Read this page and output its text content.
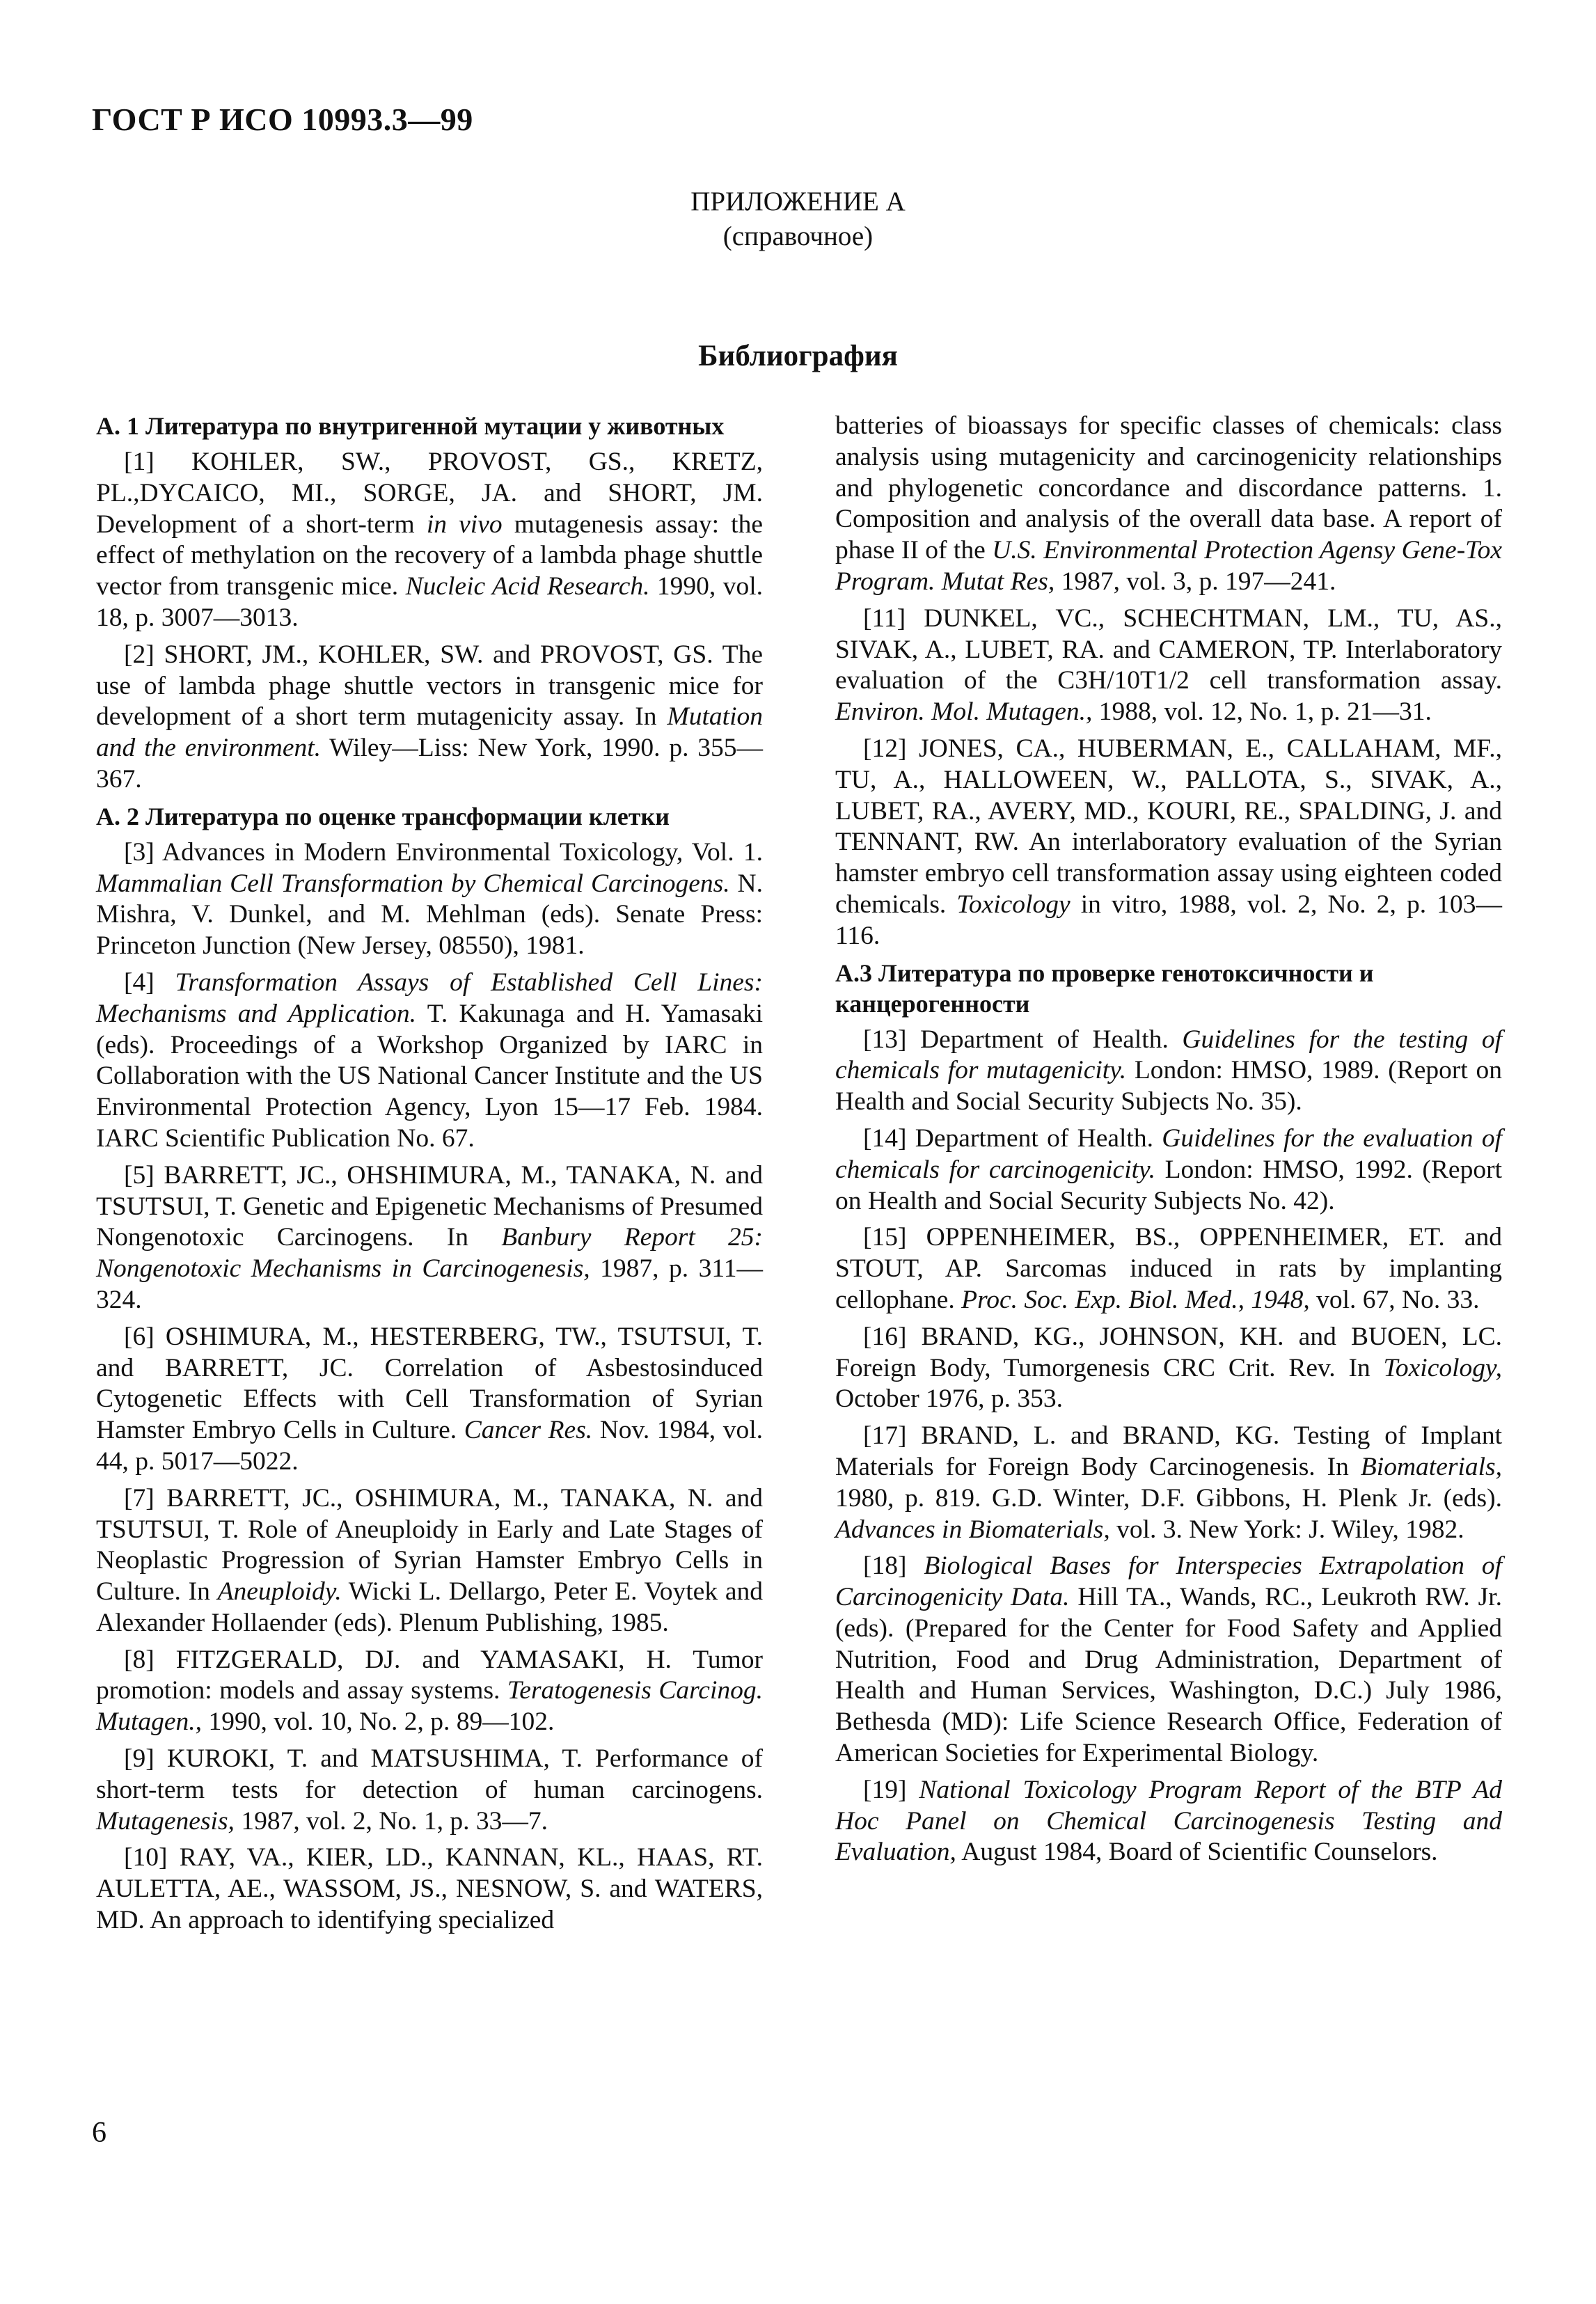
ГОСТ Р ИСО 10993.3—99
ПРИЛОЖЕНИЕ А
(справочное)
Библиография

А. 1 Литература по внутригенной мутации у животных

[1] KOHLER, SW., PROVOST, GS., KRETZ, PL.,DYCAICO, MI., SORGE, JA. and SHORT, JM. Development of a short-term in vivo mutagenesis assay: the effect of methylation on the recovery of a lambda phage shuttle vector from transgenic mice. Nucleic Acid Research. 1990, vol. 18, p. 3007—3013.

[2] SHORT, JM., KOHLER, SW. and PROVOST, GS. The use of lambda phage shuttle vectors in transgenic mice for development of a short term mutagenicity assay. In Mutation and the environment. Wiley—Liss: New York, 1990. p. 355—367.

А. 2 Литература по оценке трансформации клетки

[3] Advances in Modern Environmental Toxicology, Vol. 1. Mammalian Cell Transformation by Chemical Carcinogens. N. Mishra, V. Dunkel, and M. Mehlman (eds). Senate Press: Princeton Junction (New Jersey, 08550), 1981.

[4] Transformation Assays of Established Cell Lines: Mechanisms and Application. T. Kakunaga and H. Yamasaki (eds). Proceedings of a Workshop Organized by IARC in Collaboration with the US National Cancer Institute and the US Environmental Protection Agency, Lyon 15—17 Feb. 1984. IARC Scientific Publication No. 67.

[5] BARRETT, JC., OHSHIMURA, M., TANAKA, N. and TSUTSUI, T. Genetic and Epigenetic Mechanisms of Presumed Nongenotoxic Carcinogens. In Banbury Report 25: Nongenotoxic Mechanisms in Carcinogenesis, 1987, p. 311—324.

[6] OSHIMURA, M., HESTERBERG, TW., TSUTSUI, T. and BARRETT, JC. Correlation of Asbestosinduced Cytogenetic Effects with Cell Transformation of Syrian Hamster Embryo Cells in Culture. Cancer Res. Nov. 1984, vol. 44, p. 5017—5022.

[7] BARRETT, JC., OSHIMURA, M., TANAKA, N. and TSUTSUI, T. Role of Aneuploidy in Early and Late Stages of Neoplastic Progression of Syrian Hamster Embryo Cells in Culture. In Aneuploidy. Wicki L. Dellargo, Peter E. Voytek and Alexander Hollaender (eds). Plenum Publishing, 1985.

[8] FITZGERALD, DJ. and YAMASAKI, H. Tumor promotion: models and assay systems. Teratogenesis Carcinog. Mutagen., 1990, vol. 10, No. 2, p. 89—102.

[9] KUROKI, T. and MATSUSHIMA, T. Performance of short-term tests for detection of human carcinogens. Mutagenesis, 1987, vol. 2, No. 1, p. 33—7.

[10] RAY, VA., KIER, LD., KANNAN, KL., HAAS, RT. AULETTA, AE., WASSOM, JS., NESNOW, S. and WATERS, MD. An approach to identifying specialized

batteries of bioassays for specific classes of chemicals: class analysis using mutagenicity and carcinogenicity relationships and phylogenetic concordance and discordance patterns. 1. Composition and analysis of the overall data base. A report of phase II of the U.S. Environmental Protection Agensy Gene-Tox Program. Mutat Res, 1987, vol. 3, p. 197—241.

[11] DUNKEL, VC., SCHECHTMAN, LM., TU, AS., SIVAK, A., LUBET, RA. and CAMERON, TP. Interlaboratory evaluation of the C3H/10T1/2 cell transformation assay. Environ. Mol. Mutagen., 1988, vol. 12, No. 1, p. 21—31.

[12] JONES, CA., HUBERMAN, E., CALLAHAM, MF., TU, A., HALLOWEEN, W., PALLOTA, S., SIVAK, A., LUBET, RA., AVERY, MD., KOURI, RE., SPALDING, J. and TENNANT, RW. An interlaboratory evaluation of the Syrian hamster embryo cell transformation assay using eighteen coded chemicals. Toxicology in vitro, 1988, vol. 2, No. 2, p. 103—116.

А.3 Литература по проверке генотоксичности и канцерогенности

[13] Department of Health. Guidelines for the testing of chemicals for mutagenicity. London: HMSO, 1989. (Report on Health and Social Security Subjects No. 35).

[14] Department of Health. Guidelines for the evaluation of chemicals for carcinogenicity. London: HMSO, 1992. (Report on Health and Social Security Subjects No. 42).

[15] OPPENHEIMER, BS., OPPENHEIMER, ET. and STOUT, AP. Sarcomas induced in rats by implanting cellophane. Proc. Soc. Exp. Biol. Med., 1948, vol. 67, No. 33.

[16] BRAND, KG., JOHNSON, KH. and BUOEN, LC. Foreign Body, Tumorgenesis CRC Crit. Rev. In Toxicology, October 1976, p. 353.

[17] BRAND, L. and BRAND, KG. Testing of Implant Materials for Foreign Body Carcinogenesis. In Biomaterials, 1980, p. 819. G.D. Winter, D.F. Gibbons, H. Plenk Jr. (eds). Advances in Biomaterials, vol. 3. New York: J. Wiley, 1982.

[18] Biological Bases for Interspecies Extrapolation of Carcinogenicity Data. Hill TA., Wands, RC., Leukroth RW. Jr. (eds). (Prepared for the Center for Food Safety and Applied Nutrition, Food and Drug Administration, Department of Health and Human Services, Washington, D.C.) July 1986, Bethesda (MD): Life Science Research Office, Federation of American Societies for Experimental Biology.

[19] National Toxicology Program Report of the BTP Ad Hoc Panel on Chemical Carcinogenesis Testing and Evaluation, August 1984, Board of Scientific Counselors.

6
